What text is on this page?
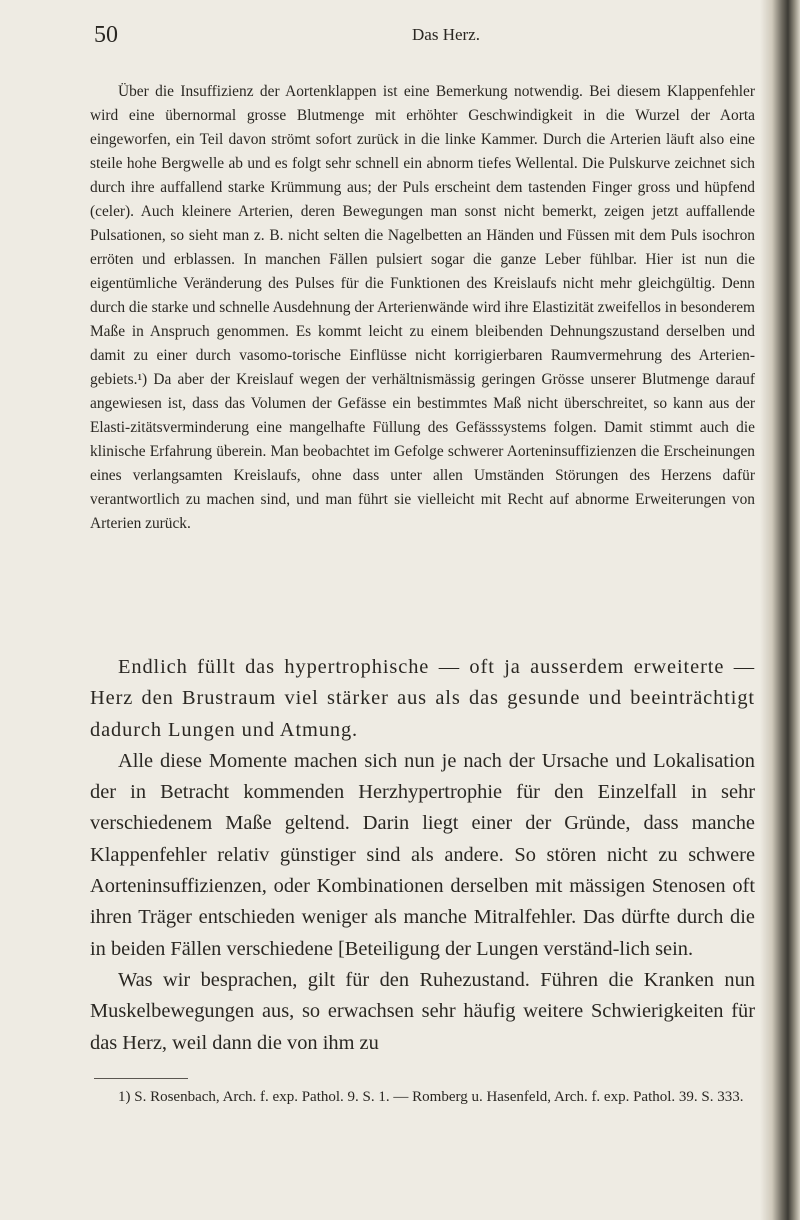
50	Das Herz.

Über die Insuffizienz der Aortenklappen ist eine Bemerkung notwendig. Bei diesem Klappenfehler wird eine übernormal grosse Blutmenge mit erhöhter Geschwindigkeit in die Wurzel der Aorta eingeworfen, ein Teil davon strömt sofort zurück in die linke Kammer. Durch die Arterien läuft also eine steile hohe Bergwelle ab und es folgt sehr schnell ein abnorm tiefes Wellental. Die Pulskurve zeichnet sich durch ihre auffallend starke Krümmung aus; der Puls erscheint dem tastenden Finger gross und hüpfend (celer). Auch kleinere Arterien, deren Bewegungen man sonst nicht bemerkt, zeigen jetzt auffallende Pulsationen, so sieht man z. B. nicht selten die Nagelbetten an Händen und Füssen mit dem Puls isochron erröten und erblassen. In manchen Fällen pulsiert sogar die ganze Leber fühlbar. Hier ist nun die eigentümliche Veränderung des Pulses für die Funktionen des Kreislaufs nicht mehr gleichgültig. Denn durch die starke und schnelle Ausdehnung der Arterienwände wird ihre Elastizität zweifellos in besonderem Maße in Anspruch genommen. Es kommt leicht zu einem bleibenden Dehnungszustand derselben und damit zu einer durch vasomo-torische Einflüsse nicht korrigierbaren Raumvermehrung des Arterien-gebiets.¹) Da aber der Kreislauf wegen der verhältnismässig geringen Grösse unserer Blutmenge darauf angewiesen ist, dass das Volumen der Gefässe ein bestimmtes Maß nicht überschreitet, so kann aus der Elasti-zitätsverminderung eine mangelhafte Füllung des Gefässsystems folgen. Damit stimmt auch die klinische Erfahrung überein. Man beobachtet im Gefolge schwerer Aorteninsuffizienzen die Erscheinungen eines verlangsamten Kreislaufs, ohne dass unter allen Umständen Störungen des Herzens dafür verantwortlich zu machen sind, und man führt sie vielleicht mit Recht auf abnorme Erweiterungen von Arterien zurück.

Endlich füllt das hypertrophische — oft ja ausserdem erweiterte — Herz den Brustraum viel stärker aus als das gesunde und beeinträchtigt dadurch Lungen und Atmung.

Alle diese Momente machen sich nun je nach der Ursache und Lokalisation der in Betracht kommenden Herzhypertrophie für den Einzelfall in sehr verschiedenem Maße geltend. Darin liegt einer der Gründe, dass manche Klappenfehler relativ günstiger sind als andere. So stören nicht zu schwere Aorteninsuffizienzen, oder Kombinationen derselben mit mässigen Stenosen oft ihren Träger entschieden weniger als manche Mitralfehler. Das dürfte durch die in beiden Fällen verschiedene [Beteiligung der Lungen verständ-lich sein.

Was wir besprachen, gilt für den Ruhezustand. Führen die Kranken nun Muskelbewegungen aus, so erwachsen sehr häufig weitere Schwierigkeiten für das Herz, weil dann die von ihm zu

1) S. Rosenbach, Arch. f. exp. Pathol. 9. S. 1. — Romberg u. Hasenfeld, Arch. f. exp. Pathol. 39. S. 333.
